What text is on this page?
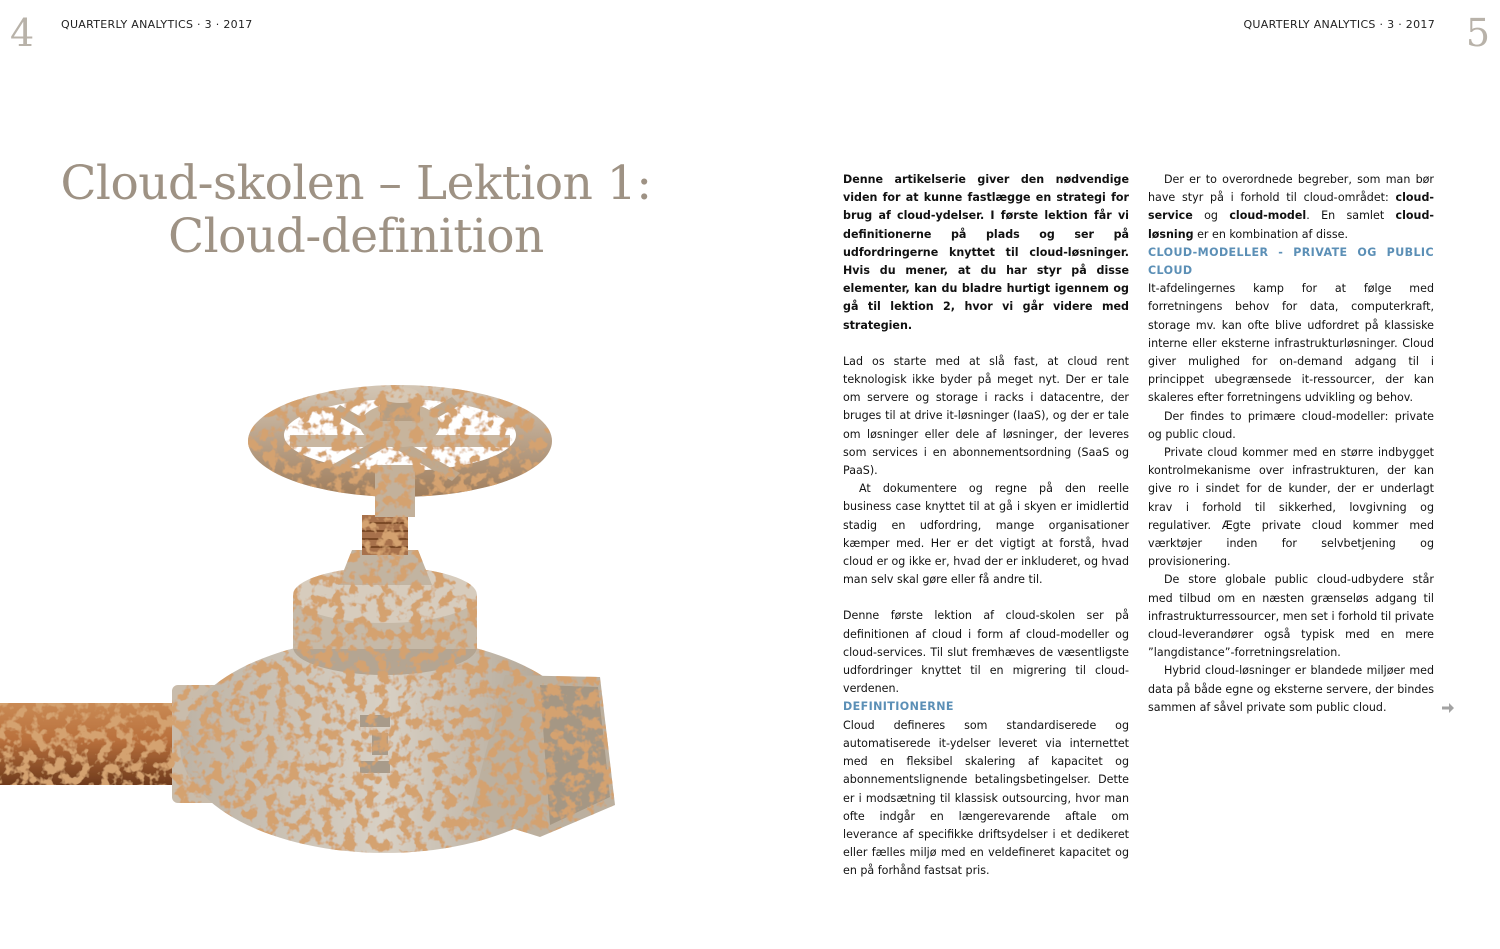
4 QUARTERLY ANALYTICS · 3 · 2017	QUARTERLY ANALYTICS · 3 · 2017 5
Cloud-skolen – Lektion 1:
Cloud-definition

Denne artikelserie giver den nødvendige viden for at kunne fastlægge en strategi for brug af cloud-ydelser. I første lektion får vi definitionerne på plads og ser på udfordringerne knyttet til cloud-løsninger. Hvis du mener, at du har styr på disse elementer, kan du bladre hurtigt igennem og gå til lektion 2, hvor vi går videre med strategien.

Lad os starte med at slå fast, at cloud rent teknologisk ikke byder på meget nyt. Der er tale om servere og storage i racks i datacentre, der bruges til at drive it-løsninger (IaaS), og der er tale om løsninger eller dele af løsninger, der leveres som services i en abonnementsordning (SaaS og PaaS).

At dokumentere og regne på den reelle business case knyttet til at gå i skyen er imidlertid stadig en udfordring, mange organisationer kæmper med. Her er det vigtigt at forstå, hvad cloud er og ikke er, hvad der er inkluderet, og hvad man selv skal gøre eller få andre til.

Denne første lektion af cloud-skolen ser på definitionen af cloud i form af cloud-modeller og cloud-services. Til slut fremhæves de væsentligste udfordringer knyttet til en migrering til cloud-verdenen.

DEFINITIONERNE

Cloud defineres som standardiserede og automatiserede it-ydelser leveret via internettet med en fleksibel skalering af kapacitet og abonnementslignende betalingsbetingelser. Dette er i modsætning til klassisk outsourcing, hvor man ofte indgår en længerevarende aftale om leverance af specifikke driftsydelser i et dedikeret eller fælles miljø med en veldefineret kapacitet og en på forhånd fastsat pris.

Der er to overordnede begreber, som man bør have styr på i forhold til cloud-området: cloud-service og cloud-model. En samlet cloud-løsning er en kombination af disse.

CLOUD-MODELLER - PRIVATE OG PUBLIC CLOUD

It-afdelingernes kamp for at følge med forretningens behov for data, computerkraft, storage mv. kan ofte blive udfordret på klassiske interne eller eksterne infrastrukturløsninger. Cloud giver mulighed for on-demand adgang til i princippet ubegrænsede it-ressourcer, der kan skaleres efter forretningens udvikling og behov.

Der findes to primære cloud-modeller: private og public cloud.

Private cloud kommer med en større indbygget kontrolmekanisme over infrastrukturen, der kan give ro i sindet for de kunder, der er underlagt krav i forhold til sikkerhed, lovgivning og regulativer. Ægte private cloud kommer med værktøjer inden for selvbetjening og provisionering.

De store globale public cloud-udbydere står med tilbud om en næsten grænseløs adgang til infrastrukturressourcer, men set i forhold til private cloud-leverandører også typisk med en mere ”langdistance”-forretningsrelation.

Hybrid cloud-løsninger er blandede miljøer med data på både egne og eksterne servere, der bindes sammen af såvel private som public cloud.
